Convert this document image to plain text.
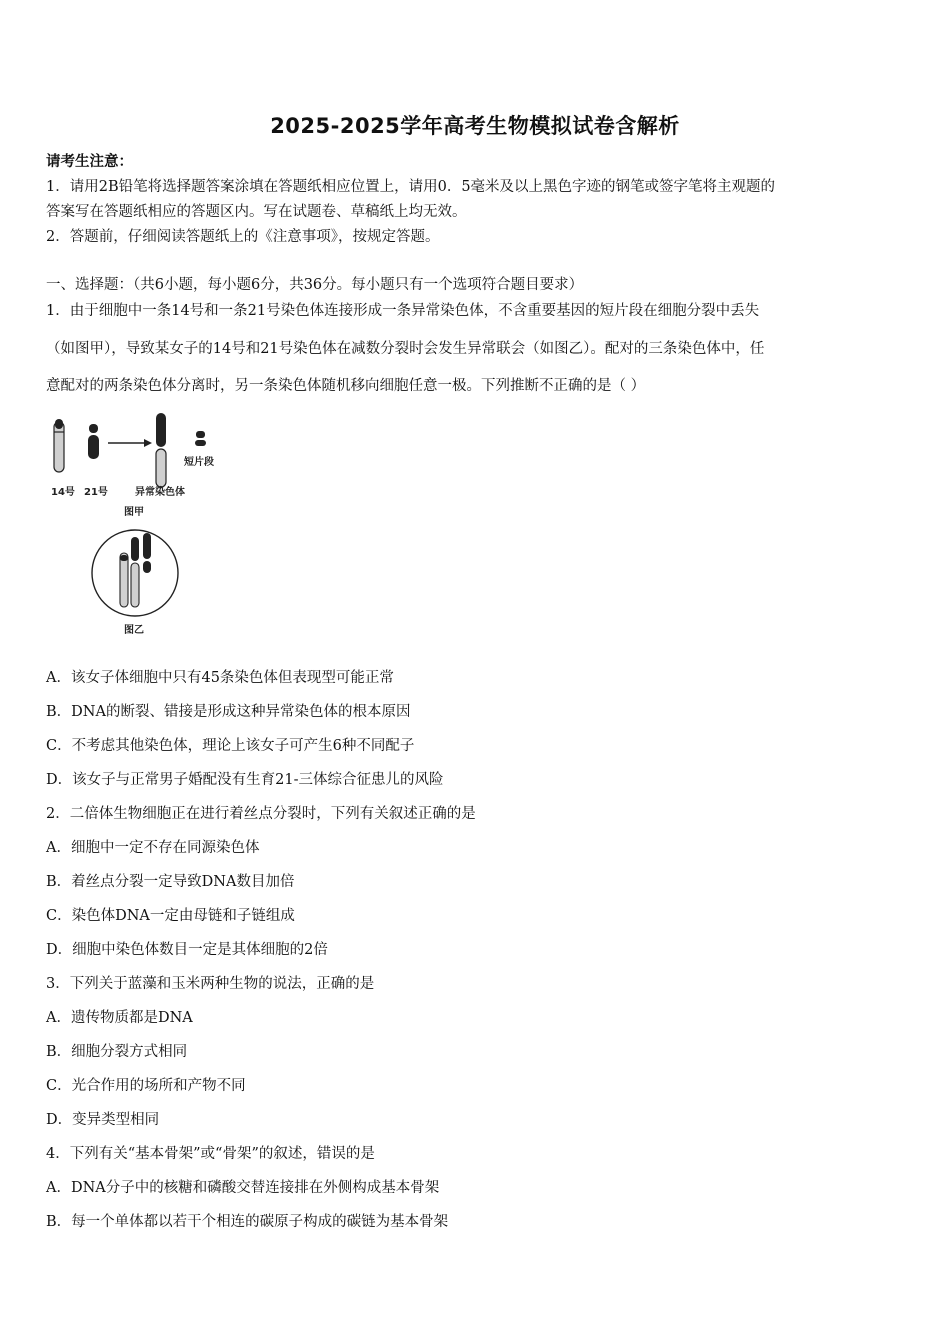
2025-2025学年高考生物模拟试卷含解析
请考生注意：
1．请用2B铅笔将选择题答案涂填在答题纸相应位置上，请用0．5毫米及以上黑色字迹的钢笔或签字笔将主观题的
答案写在答题纸相应的答题区内。写在试题卷、草稿纸上均无效。
2．答题前，仔细阅读答题纸上的《注意事项》，按规定答题。
一、选择题：（共6小题，每小题6分，共36分。每小题只有一个选项符合题目要求）
1．由于细胞中一条14号和一条21号染色体连接形成一条异常染色体，不含重要基因的短片段在细胞分裂中丢失
（如图甲），导致某女子的14号和21号染色体在减数分裂时会发生异常联会（如图乙）。配对的三条染色体中，任
意配对的两条染色体分离时，另一条染色体随机移向细胞任意一极。下列推断不正确的是（ ）
14号 21号	异常染色体
短片段
图甲
图乙
A．该女子体细胞中只有45条染色体但表现型可能正常
B．DNA的断裂、错接是形成这种异常染色体的根本原因
C．不考虑其他染色体，理论上该女子可产生6种不同配子
D．该女子与正常男子婚配没有生育21-三体综合征患儿的风险
2．二倍体生物细胞正在进行着丝点分裂时，下列有关叙述正确的是
A．细胞中一定不存在同源染色体
B．着丝点分裂一定导致DNA数目加倍
C．染色体DNA一定由母链和子链组成
D．细胞中染色体数目一定是其体细胞的2倍
3．下列关于蓝藻和玉米两种生物的说法，正确的是
A．遗传物质都是DNA
B．细胞分裂方式相同
C．光合作用的场所和产物不同
D．变异类型相同
4．下列有关“基本骨架”或“骨架”的叙述，错误的是
A．DNA分子中的核糖和磷酸交替连接排在外侧构成基本骨架
B．每一个单体都以若干个相连的碳原子构成的碳链为基本骨架
